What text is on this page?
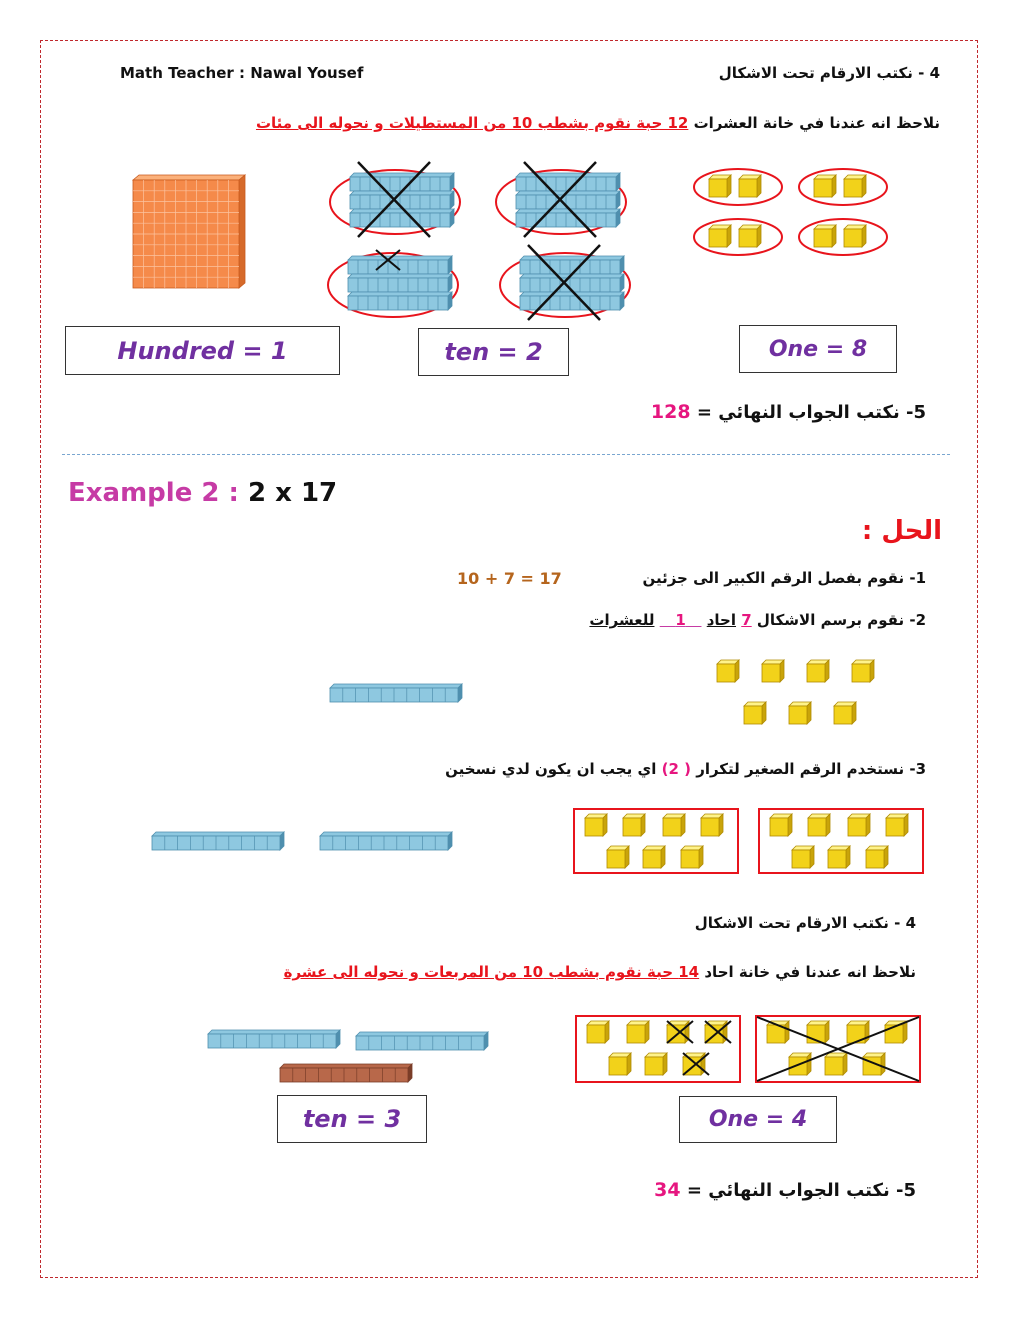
Math Teacher : Nawal Yousef	4 - نكتب الارقام تحت الاشكال
نلاحظ انه عندنا في خانة العشرات 12 حبة نقوم بشطب 10 من المستطيلات و نحوله الى مئات
Hundred = 1	ten = 2	One = 8
5- نكتب الجواب النهائي = 128
Example 2 : 2 x 17
الحل :
1- نقوم بفصل الرقم الكبير الى جزئين
10 + 7 = 17
2- نقوم برسم الاشكال 7 احاد    1    للعشرات
3- نستخدم الرقم الصغير لتكرار ( 2) اي يجب ان يكون لدي نسخين
4 - نكتب الارقام تحت الاشكال
نلاحظ انه عندنا في خانة احاد 14 حبة نقوم بشطب 10 من المربعات و نحوله الى عشرة
ten = 3	One = 4
5- نكتب الجواب النهائي = 34
